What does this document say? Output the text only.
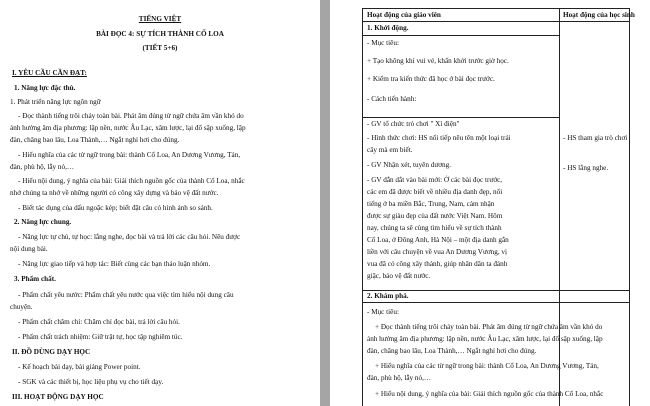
TIẾNG VIỆT
BÀI ĐỌC 4: SỰ TÍCH THÀNH CỔ LOA
(TIẾT 5+6)
I. YÊU CẦU CẦN ĐẠT:
1. Năng lực đặc thù.
1. Phát triển năng lực ngôn ngữ
- Đọc thành tiếng trôi chảy toàn bài. Phát âm đúng từ ngữ chứa âm vần khó do
ảnh hưởng âm địa phương: lập nền, nước Âu Lạc, xâm lược, lại đổ sập xuống, lập
đàn, chăng bao lâu, Loa Thành,… Ngắt nghỉ hơi cho đúng.
- Hiểu nghĩa của các từ ngữ trong bài: thành Cổ Loa, An Dương Vương, Tản,
đàn, phù hộ, lẫy nỏ,…
- Hiểu nội dung, ý nghĩa của bài: Giải thích nguồn gốc của thành Cổ Loa, nhắc
nhở chúng ta nhớ về những người có công xây dựng và bảo vệ đất nước.
- Biết tác dụng của dấu ngoặc kép; biết đặt câu có hình ảnh so sánh.
2. Năng lực chung.
- Năng lực tự chủ, tự học: lắng nghe, đọc bài và trả lời các câu hỏi. Nêu được
nội dung bài.
- Năng lực giao tiếp và hợp tác: Biết cùng các bạn thảo luận nhóm.
3. Phẩm chất.
- Phẩm chất yêu nước: Phẩm chất yêu nước qua việc tìm hiểu nội dung câu
chuyện.
- Phẩm chất chăm chỉ: Chăm chỉ đọc bài, trả lời câu hỏi.
- Phẩm chất trách nhiệm: Giữ trật tự, học tập nghiêm túc.
II. ĐỒ DÙNG DẠY HỌC
- Kế hoạch bài dạy, bài giảng Power point.
- SGK và các thiết bị, học liệu phụ vụ cho tiết dạy.
III. HOẠT ĐỘNG DẠY HỌC
Hoạt động của giáo viên	Hoạt động của học sinh
1. Khởi động.
- Mục tiêu:
+ Tạo không khí vui vẻ, khấn khởi trước giờ học.
+ Kiểm tra kiến thức đã học ở bài đọc trước.
- Cách tiến hành:
- GV tổ chức trò chơi " Xì điện"
- Hình thức chơi: HS nối tiếp nêu tên một loại trái
cây mà em biết.
- GV Nhận xét, tuyên dương.
- GV dẫn dắt vào bài mới: Ở các bài đọc trước,
các em đã được biết về nhiều địa danh đẹp, nổi
tiếng ở ba miền Bắc, Trung, Nam, cảm nhận
được sự giàu đẹp của đất nước Việt Nam. Hôm
nay, chúng ta sẽ cùng tìm hiểu về sự tích thành
Cổ Loa, ở Đông Anh, Hà Nội – một địa danh gắn
liền với câu chuyện về vua An Dương Vương, vị
vua đã có công xây thành, giúp nhân dân ta đánh
giặc, bảo vệ đất nước.
- HS tham gia trò chơi
- HS lắng nghe.
2. Khám phá.
- Mục tiêu:
+ Đọc thành tiếng trôi chảy toàn bài. Phát âm đúng từ ngữ chứa âm vần khó do
ảnh hưởng âm địa phương: lập nền, nước Âu Lạc, xâm lược, lại đổ sập xuống, lập
đàn, chăng bao lâu, Loa Thành,… Ngắt nghỉ hơi cho đúng.
+ Hiểu nghĩa của các từ ngữ trong bài: thành Cổ Loa, An Dương Vương, Tản,
đàn, phù hộ, lẫy nỏ,…
+ Hiểu nội dung, ý nghĩa của bài: Giải thích nguồn gốc của thành Cổ Loa, nhắc
